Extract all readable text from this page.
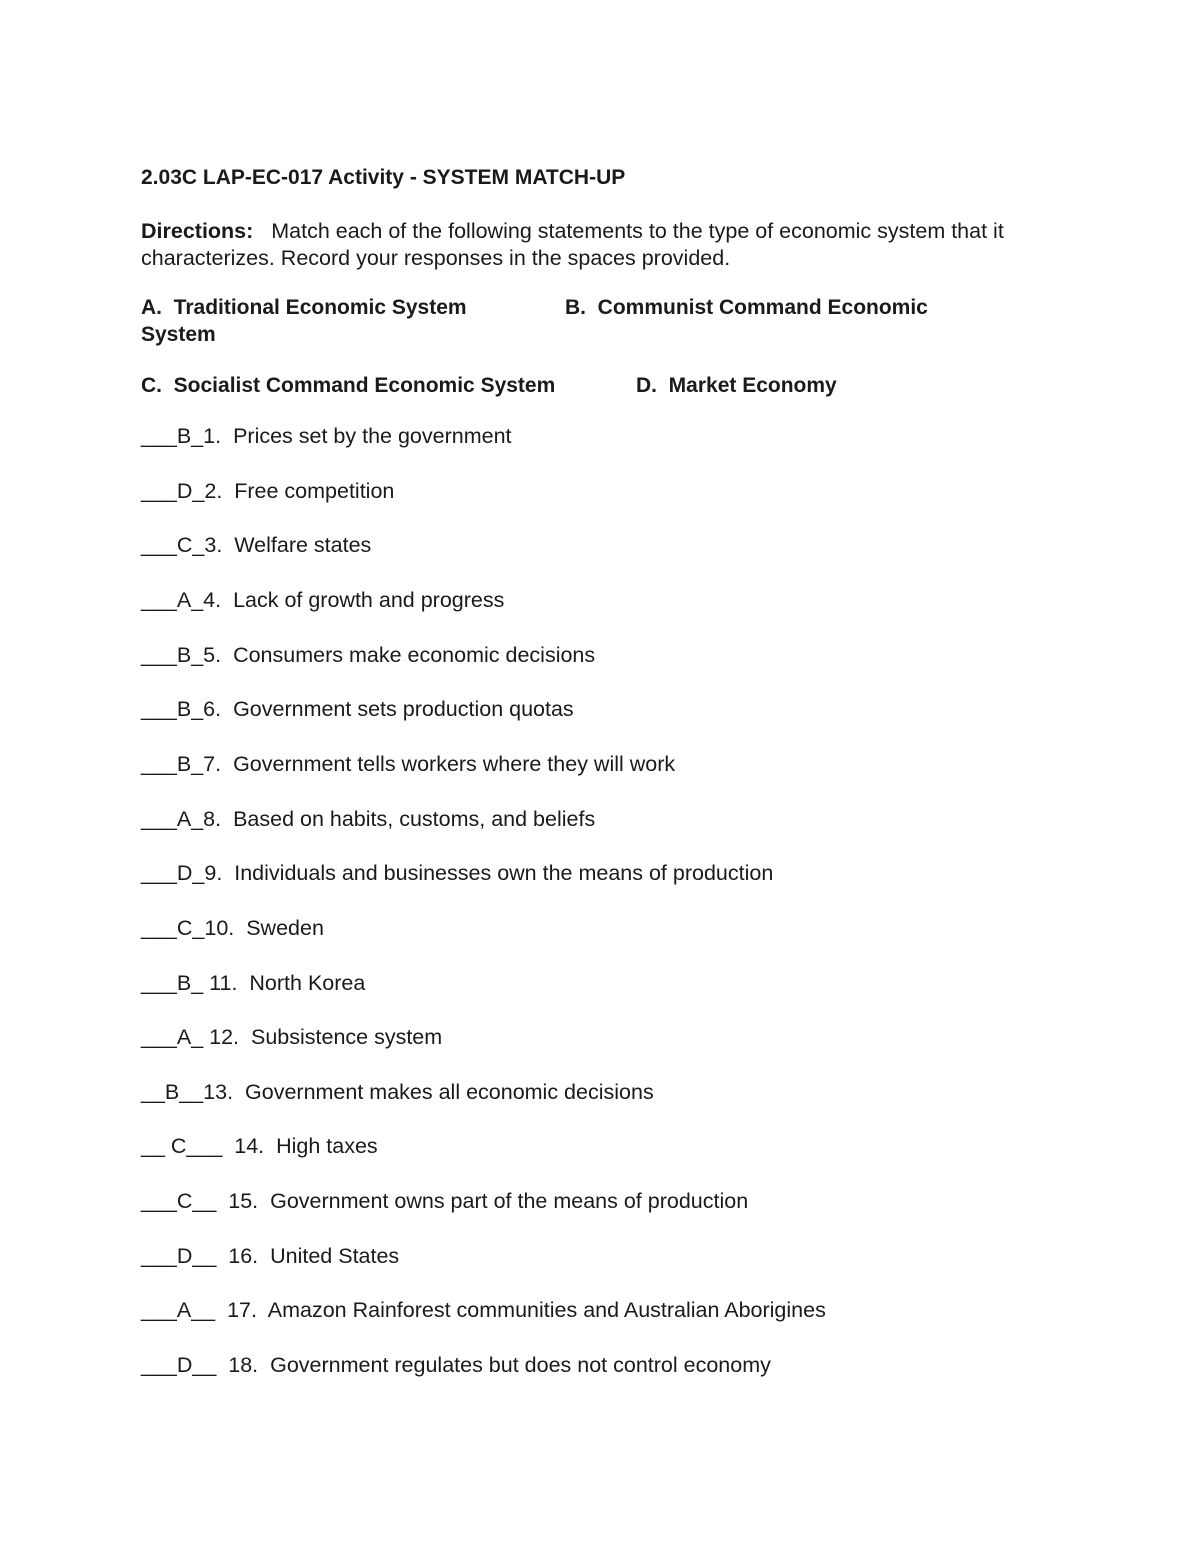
2.03C LAP-EC-017 Activity - SYSTEM MATCH-UP
Directions: Match each of the following statements to the type of economic system that it characterizes. Record your responses in the spaces provided.
A.  Traditional Economic System	B.  Communist Command Economic
System
C.  Socialist Command Economic System	D.  Market Economy
___B_1. Prices set by the government
___D_2. Free competition
___C_3. Welfare states
___A_4. Lack of growth and progress
___B_5. Consumers make economic decisions
___B_6. Government sets production quotas
___B_7. Government tells workers where they will work
___A_8. Based on habits, customs, and beliefs
___D_9. Individuals and businesses own the means of production
___C_10. Sweden
___B_ 11. North Korea
___A_ 12. Subsistence system
__B__13. Government makes all economic decisions
__ C___  14. High taxes
___C__  15. Government owns part of the means of production
___D__  16. United States
___A__  17. Amazon Rainforest communities and Australian Aborigines
___D__  18. Government regulates but does not control economy
